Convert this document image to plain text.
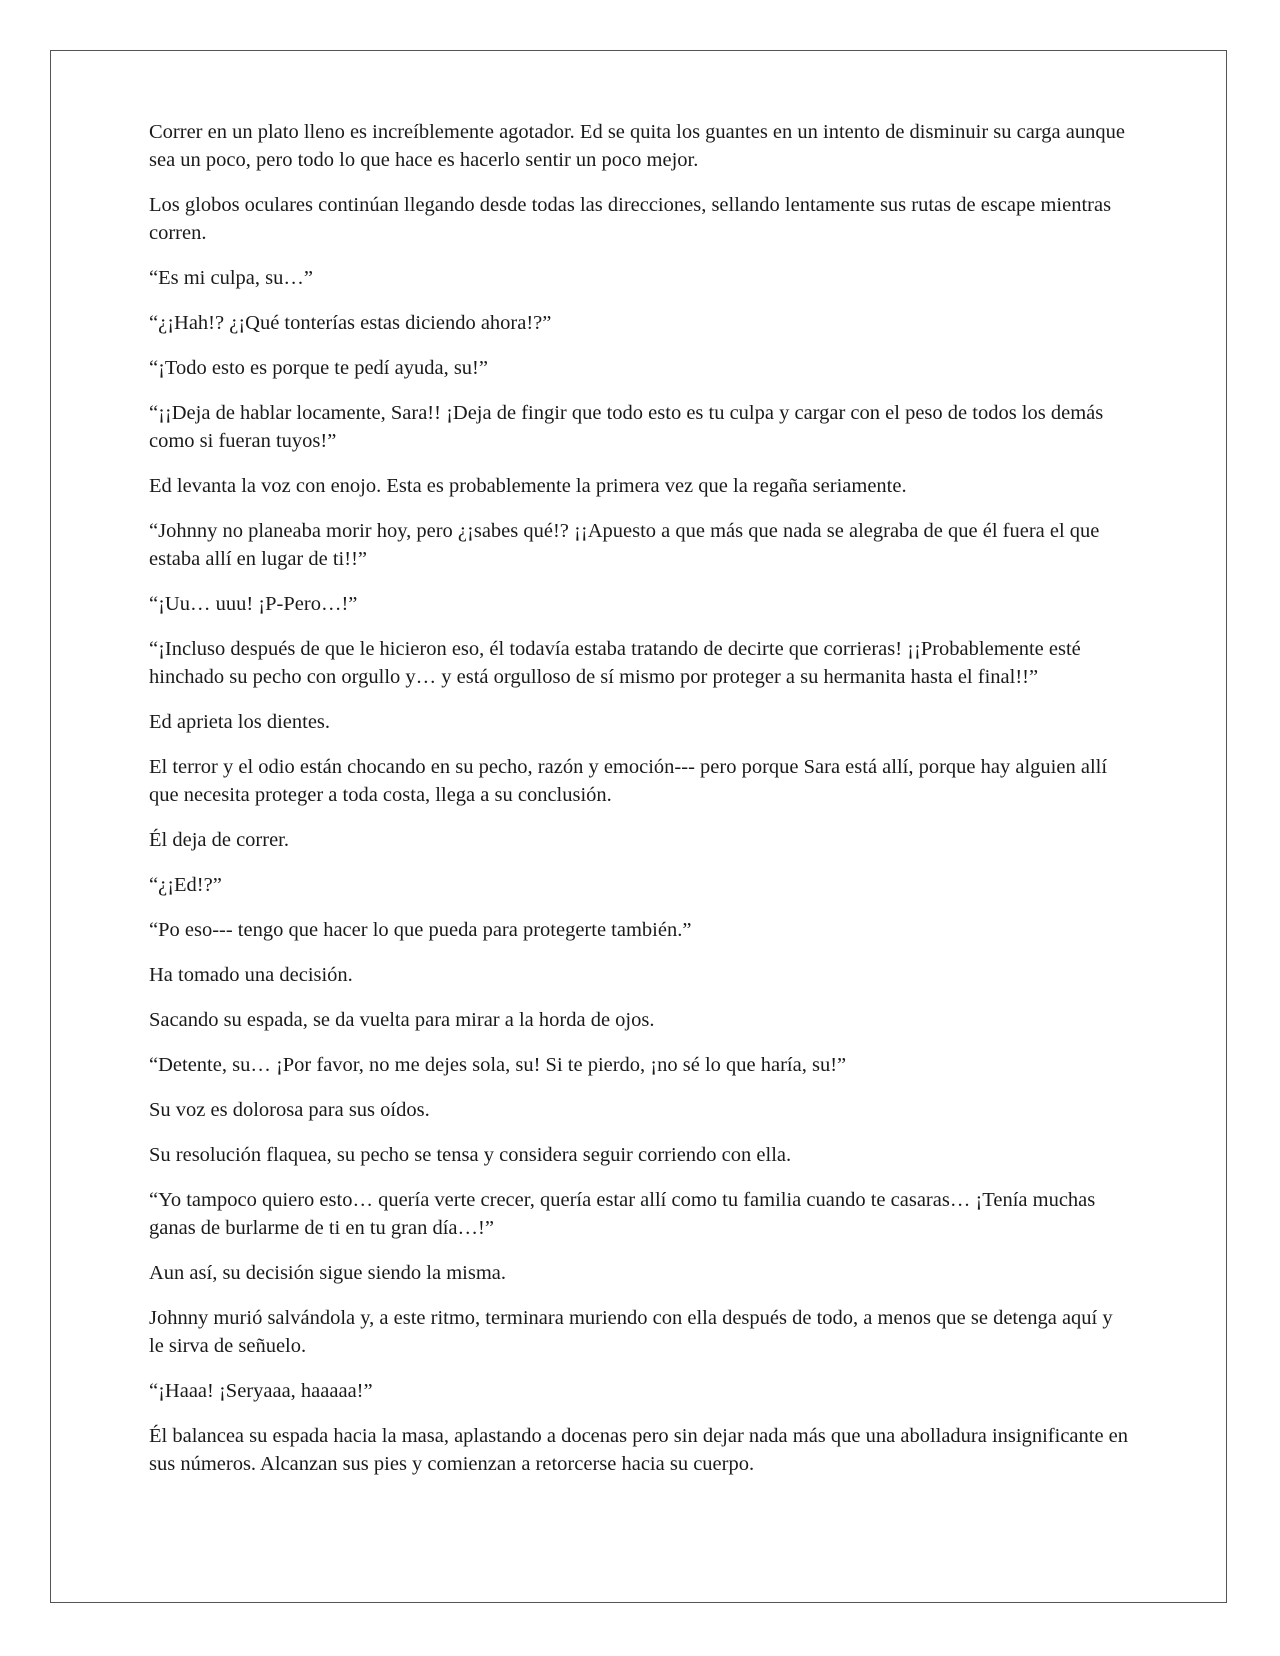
Correr en un plato lleno es increíblemente agotador. Ed se quita los guantes en un intento de disminuir su carga aunque sea un poco, pero todo lo que hace es hacerlo sentir un poco mejor.

Los globos oculares continúan llegando desde todas las direcciones, sellando lentamente sus rutas de escape mientras corren.

“Es mi culpa, su…”

“¿¡Hah!? ¿¡Qué tonterías estas diciendo ahora!?”

“¡Todo esto es porque te pedí ayuda, su!”

“¡¡Deja de hablar locamente, Sara!! ¡Deja de fingir que todo esto es tu culpa y cargar con el peso de todos los demás como si fueran tuyos!”

Ed levanta la voz con enojo. Esta es probablemente la primera vez que la regaña seriamente.

“Johnny no planeaba morir hoy, pero ¿¡sabes qué!? ¡¡Apuesto a que más que nada se alegraba de que él fuera el que estaba allí en lugar de ti!!”

“¡Uu… uuu! ¡P-Pero…!”

“¡Incluso después de que le hicieron eso, él todavía estaba tratando de decirte que corrieras! ¡¡Probablemente esté hinchado su pecho con orgullo y… y está orgulloso de sí mismo por proteger a su hermanita hasta el final!!”

Ed aprieta los dientes.

El terror y el odio están chocando en su pecho, razón y emoción--- pero porque Sara está allí, porque hay alguien allí que necesita proteger a toda costa, llega a su conclusión.

Él deja de correr.

“¿¡Ed!?”

“Po eso--- tengo que hacer lo que pueda para protegerte también.”

Ha tomado una decisión.

Sacando su espada, se da vuelta para mirar a la horda de ojos.

“Detente, su… ¡Por favor, no me dejes sola, su! Si te pierdo, ¡no sé lo que haría, su!”

Su voz es dolorosa para sus oídos.

Su resolución flaquea, su pecho se tensa y considera seguir corriendo con ella.

“Yo tampoco quiero esto… quería verte crecer, quería estar allí como tu familia cuando te casaras… ¡Tenía muchas ganas de burlarme de ti en tu gran día…!”

Aun así, su decisión sigue siendo la misma.

Johnny murió salvándola y, a este ritmo, terminara muriendo con ella después de todo, a menos que se detenga aquí y le sirva de señuelo.

“¡Haaa! ¡Seryaaa, haaaaa!”

Él balancea su espada hacia la masa, aplastando a docenas pero sin dejar nada más que una abolladura insignificante en sus números. Alcanzan sus pies y comienzan a retorcerse hacia su cuerpo.
